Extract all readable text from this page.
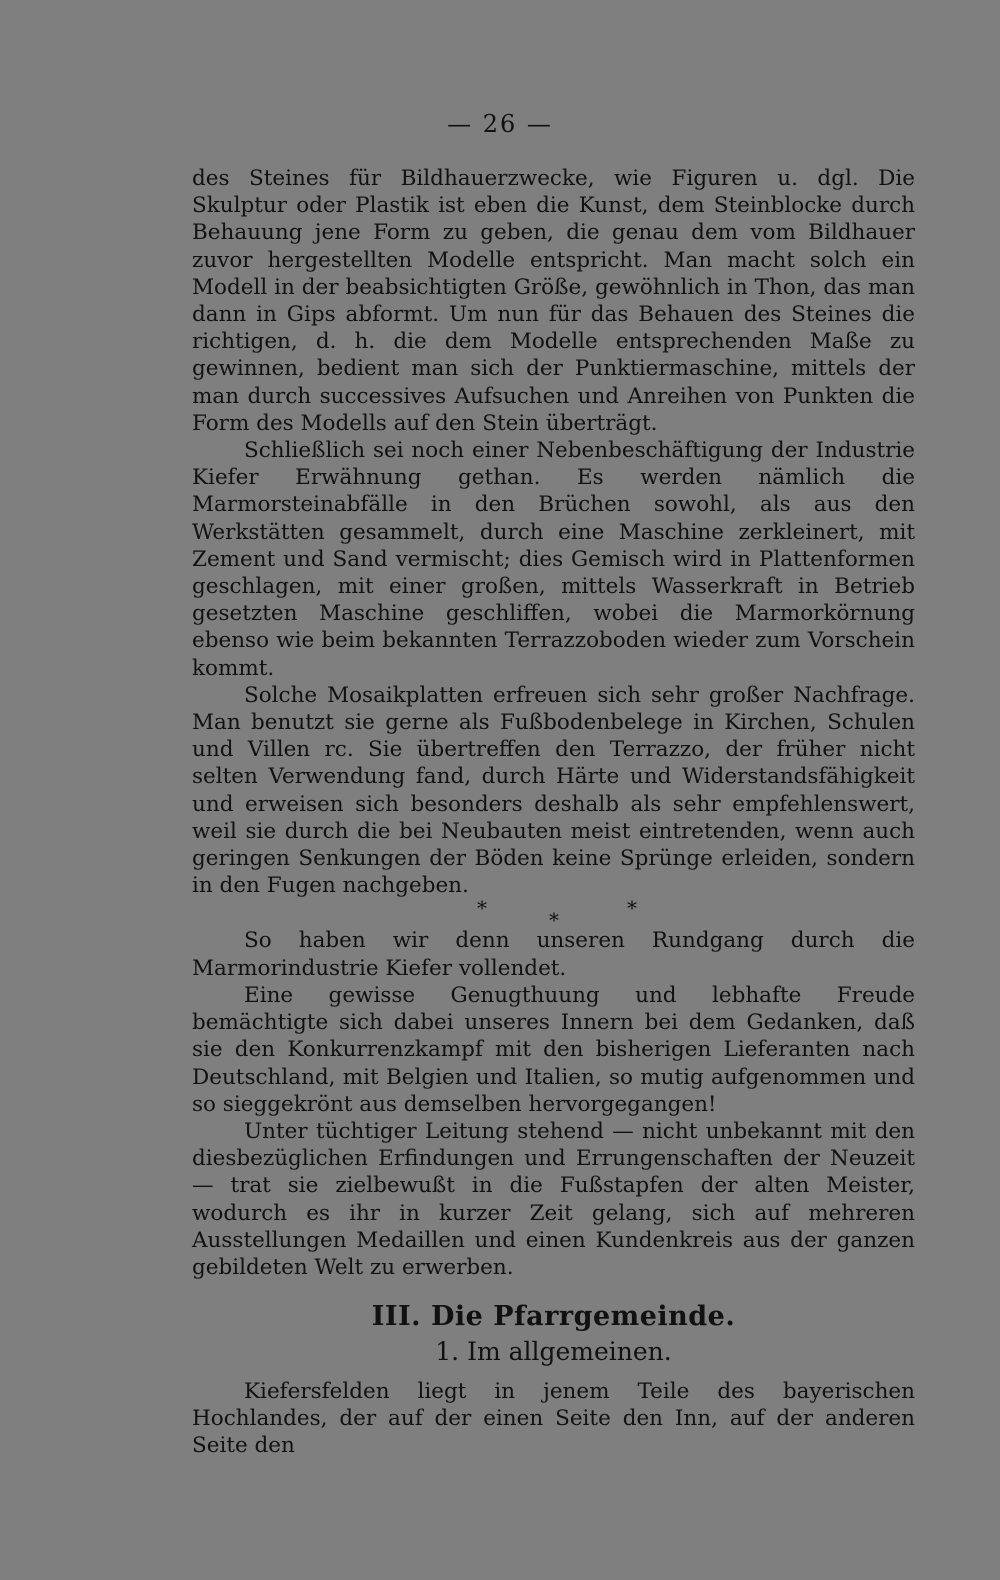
— 26 —

des Steines für Bildhauerzwecke, wie Figuren u. dgl. Die Skulptur oder Plastik ist eben die Kunst, dem Steinblocke durch Behauung jene Form zu geben, die genau dem vom Bildhauer zuvor hergestellten Modelle entspricht. Man macht solch ein Modell in der beabsichtigten Größe, gewöhnlich in Thon, das man dann in Gips abformt. Um nun für das Behauen des Steines die richtigen, d. h. die dem Modelle entsprechenden Maße zu gewinnen, bedient man sich der Punktiermaschine, mittels der man durch successives Aufsuchen und Anreihen von Punkten die Form des Modells auf den Stein überträgt.

Schließlich sei noch einer Nebenbeschäftigung der Industrie Kiefer Erwähnung gethan. Es werden nämlich die Marmorsteinabfälle in den Brüchen sowohl, als aus den Werkstätten gesammelt, durch eine Maschine zerkleinert, mit Zement und Sand vermischt; dies Gemisch wird in Plattenformen geschlagen, mit einer großen, mittels Wasserkraft in Betrieb gesetzten Maschine geschliffen, wobei die Marmorkörnung ebenso wie beim bekannten Terrazzoboden wieder zum Vorschein kommt.

Solche Mosaikplatten erfreuen sich sehr großer Nachfrage. Man benutzt sie gerne als Fußbodenbelege in Kirchen, Schulen und Villen rc. Sie übertreffen den Terrazzo, der früher nicht selten Verwendung fand, durch Härte und Widerstandsfähigkeit und erweisen sich besonders deshalb als sehr empfehlenswert, weil sie durch die bei Neubauten meist eintretenden, wenn auch geringen Senkungen der Böden keine Sprünge erleiden, sondern in den Fugen nachgeben.

*	*	*

So haben wir denn unseren Rundgang durch die Marmorindustrie Kiefer vollendet.

Eine gewisse Genugthuung und lebhafte Freude bemächtigte sich dabei unseres Innern bei dem Gedanken, daß sie den Konkurrenzkampf mit den bisherigen Lieferanten nach Deutschland, mit Belgien und Italien, so mutig aufgenommen und so sieggekrönt aus demselben hervorgegangen!

Unter tüchtiger Leitung stehend — nicht unbekannt mit den diesbezüglichen Erfindungen und Errungenschaften der Neuzeit — trat sie zielbewußt in die Fußstapfen der alten Meister, wodurch es ihr in kurzer Zeit gelang, sich auf mehreren Ausstellungen Medaillen und einen Kundenkreis aus der ganzen gebildeten Welt zu erwerben.

III. Die Pfarrgemeinde.
1. Im allgemeinen.

Kiefersfelden liegt in jenem Teile des bayerischen Hochlandes, der auf der einen Seite den Inn, auf der anderen Seite den
